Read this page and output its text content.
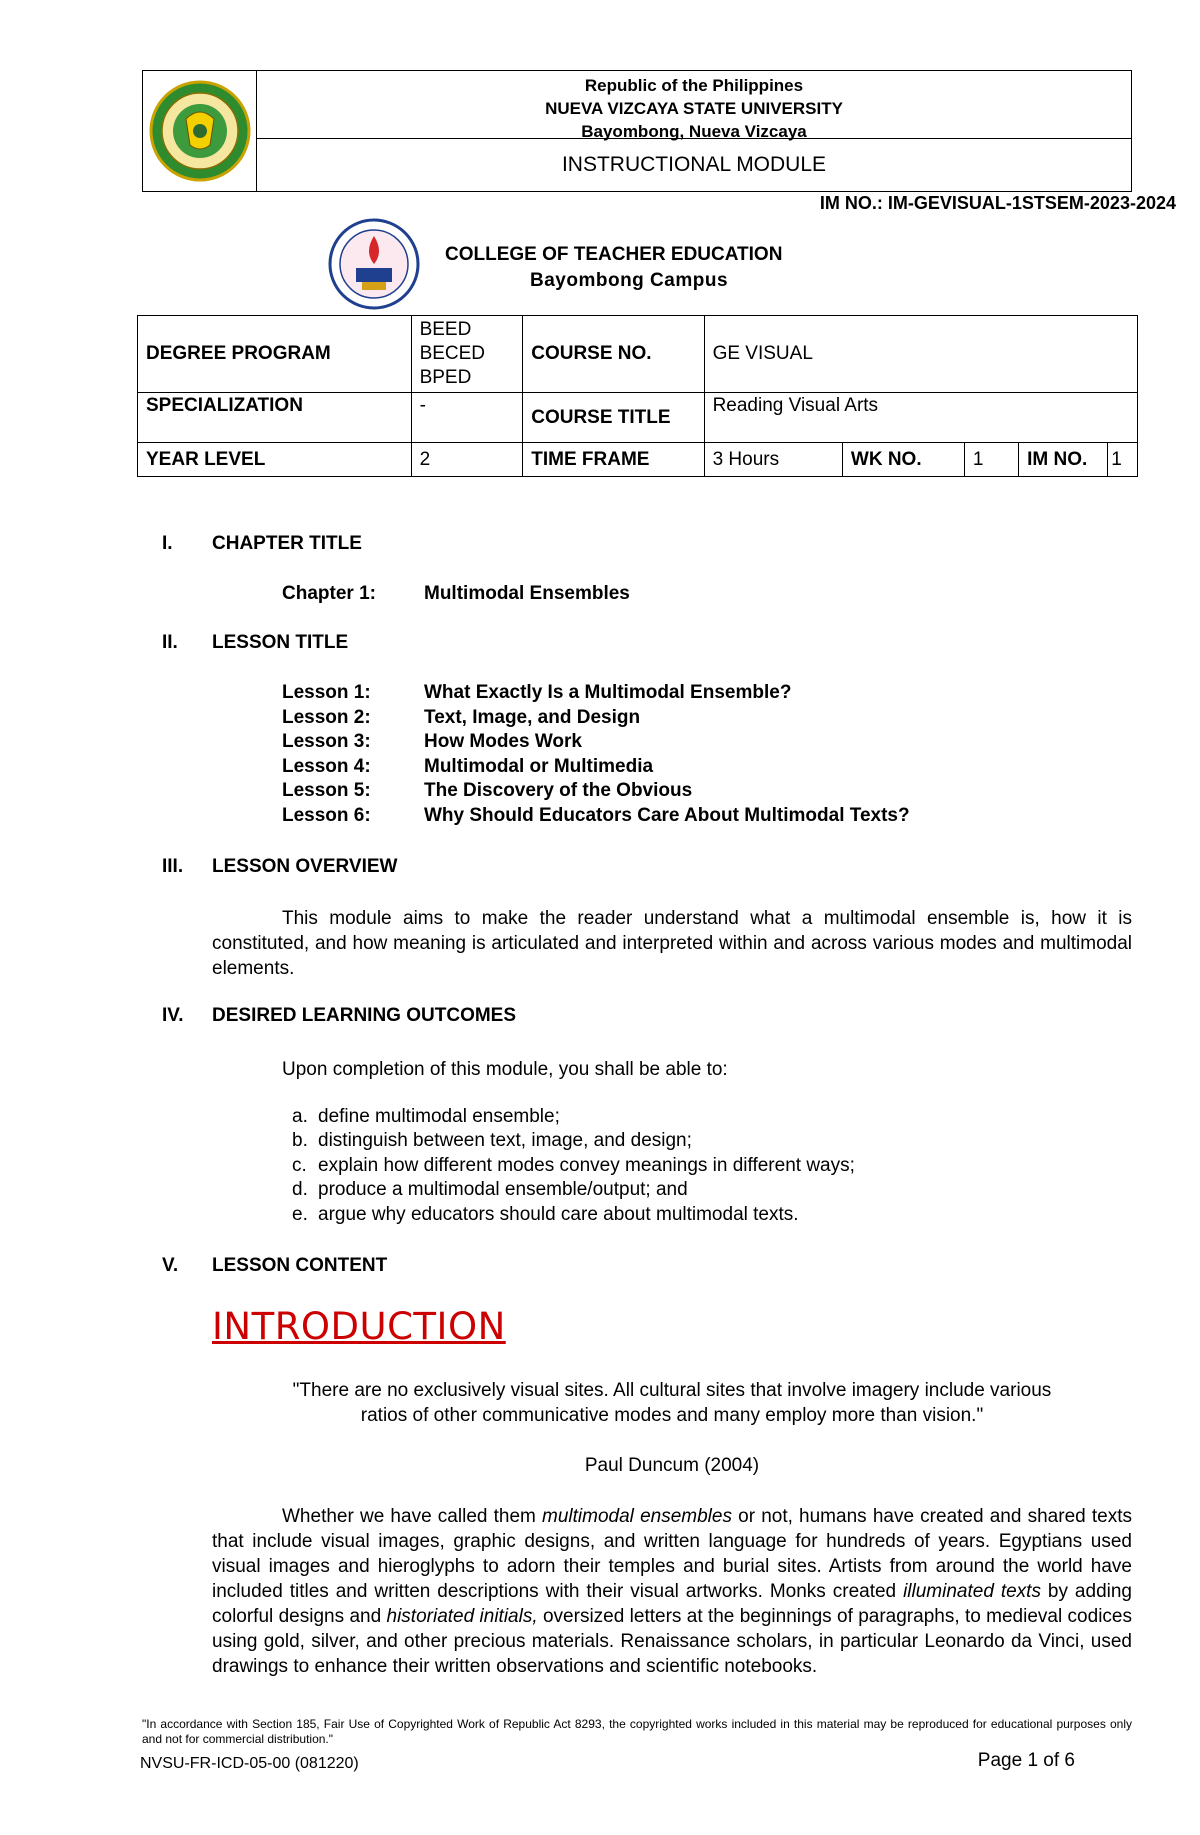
Republic of the Philippines
NUEVA VIZCAYA STATE UNIVERSITY
Bayombong, Nueva Vizcaya
INSTRUCTIONAL MODULE
IM NO.: IM-GEVISUAL-1STSEM-2023-2024
COLLEGE OF TEACHER EDUCATION
Bayombong Campus
DEGREE PROGRAM	BEED
BECED
BPED	COURSE NO.	GE VISUAL				
SPECIALIZATION	-	COURSE TITLE	Reading Visual Arts				
YEAR LEVEL	2	TIME FRAME	3 Hours	WK NO.	1	IM NO.	1
I.	CHAPTER TITLE
Chapter 1:	Multimodal Ensembles
II.	LESSON TITLE
Lesson 1:	What Exactly Is a Multimodal Ensemble?
Lesson 2:	Text, Image, and Design
Lesson 3:	How Modes Work
Lesson 4:	Multimodal or Multimedia
Lesson 5:	The Discovery of the Obvious
Lesson 6:	Why Should Educators Care About Multimodal Texts?
III.	LESSON OVERVIEW
This module aims to make the reader understand what a multimodal ensemble is, how it is constituted, and how meaning is articulated and interpreted within and across various modes and multimodal elements.
IV.	DESIRED LEARNING OUTCOMES
Upon completion of this module, you shall be able to:
a. define multimodal ensemble;
b. distinguish between text, image, and design;
c. explain how different modes convey meanings in different ways;
d. produce a multimodal ensemble/output; and
e. argue why educators should care about multimodal texts.
V.	LESSON CONTENT
INTRODUCTION
"There are no exclusively visual sites. All cultural sites that involve imagery include various
ratios of other communicative modes and many employ more than vision."
Paul Duncum (2004)
Whether we have called them multimodal ensembles or not, humans have created and shared texts that include visual images, graphic designs, and written language for hundreds of years. Egyptians used visual images and hieroglyphs to adorn their temples and burial sites. Artists from around the world have included titles and written descriptions with their visual artworks. Monks created illuminated texts by adding colorful designs and historiated initials, oversized letters at the beginnings of paragraphs, to medieval codices using gold, silver, and other precious materials. Renaissance scholars, in particular Leonardo da Vinci, used drawings to enhance their written observations and scientific notebooks.
"In accordance with Section 185, Fair Use of Copyrighted Work of Republic Act 8293, the copyrighted works included in this material may be reproduced for educational purposes only and not for commercial distribution."
NVSU-FR-ICD-05-00 (081220)	Page 1 of 6
